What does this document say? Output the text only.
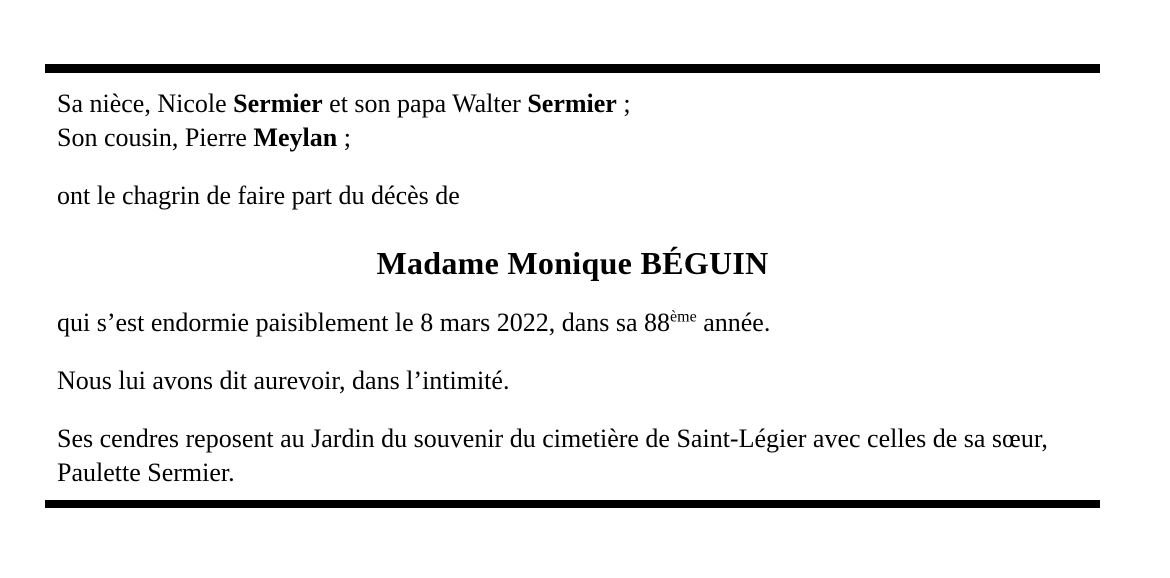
Sa nièce, Nicole Sermier et son papa Walter Sermier ;
Son cousin, Pierre Meylan ;
ont le chagrin de faire part du décès de
Madame Monique BÉGUIN
qui s’est endormie paisiblement le 8 mars 2022, dans sa 88ème année.
Nous lui avons dit aurevoir, dans l’intimité.
Ses cendres reposent au Jardin du souvenir du cimetière de Saint-Légier avec celles de sa sœur, Paulette Sermier.
